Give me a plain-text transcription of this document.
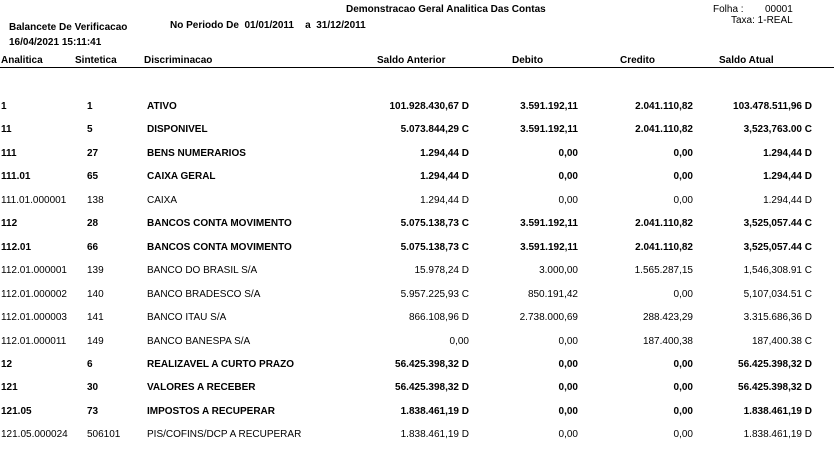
Demonstracao Geral Analitica Das Contas	Folha : 00001
Taxa: 1-REAL
Balancete De Verificacao	No Periodo De 01/01/2011 a 31/12/2011
16/04/2021 15:11:41
Analitica	Sintetica	Discriminacao	Saldo Anterior	Debito	Credito	Saldo Atual
1	1	ATIVO	101.928.430,67 D	3.591.192,11	2.041.110,82	103.478.511,96 D
11	5	DISPONIVEL	5.073.844,29 C	3.591.192,11	2.041.110,82	3,523,763.00 C
111	27	BENS NUMERARIOS	1.294,44 D	0,00	0,00	1.294,44 D
111.01	65	CAIXA GERAL	1.294,44 D	0,00	0,00	1.294,44 D
111.01.000001 138	CAIXA	1.294,44 D	0,00	0,00	1.294,44 D
112	28	BANCOS CONTA MOVIMENTO	5.075.138,73 C	3.591.192,11	2.041.110,82	3,525,057.44 C
112.01	66	BANCOS CONTA MOVIMENTO	5.075.138,73 C	3.591.192,11	2.041.110,82	3,525,057.44 C
112.01.000001 139	BANCO DO BRASIL S/A	15.978,24 D	3.000,00	1.565.287,15	1,546,308.91 C
112.01.000002 140	BANCO BRADESCO S/A	5.957.225,93 C	850.191,42	0,00	5,107,034.51 C
112.01.000003 141	BANCO ITAU S/A	866.108,96 D	2.738.000,69	288.423,29	3.315.686,36 D
112.01.000011 149	BANCO BANESPA S/A	0,00	0,00	187.400,38	187,400.38 C
12	6	REALIZAVEL A CURTO PRAZO	56.425.398,32 D	0,00	0,00	56.425.398,32 D
121	30	VALORES A RECEBER	56.425.398,32 D	0,00	0,00	56.425.398,32 D
121.05	73	IMPOSTOS A RECUPERAR	1.838.461,19 D	0,00	0,00	1.838.461,19 D
121.05.000024 506101	PIS/COFINS/DCP A RECUPERAR	1.838.461,19 D	0,00	0,00	1.838.461,19 D
